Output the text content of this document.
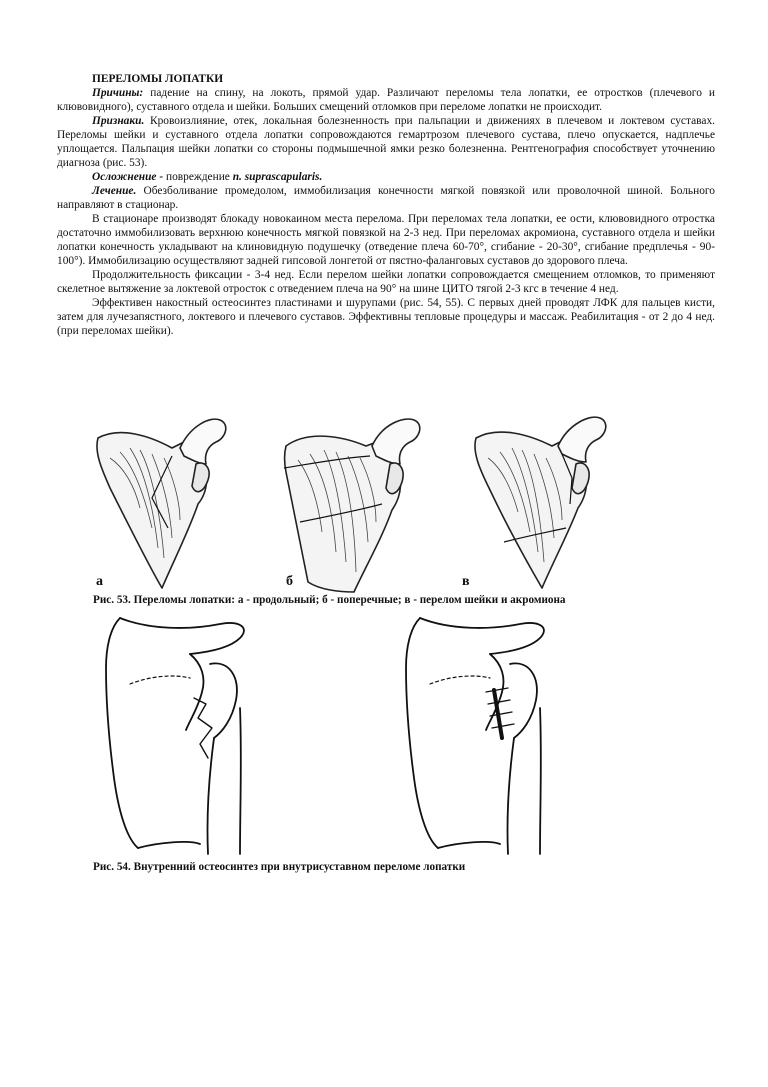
ПЕРЕЛОМЫ ЛОПАТКИ

Причины: падение на спину, на локоть, прямой удар. Различают переломы тела лопатки, ее отростков (плечевого и клювовидного), суставного отдела и шейки. Больших смещений отломков при переломе лопатки не происходит.

Признаки. Кровоизлияние, отек, локальная болезненность при пальпации и движениях в плечевом и локтевом суставах. Переломы шейки и суставного отдела лопатки сопровождаются гемартрозом плечевого сустава, плечо опускается, надплечье уплощается. Пальпация шейки лопатки со стороны подмышечной ямки резко болезненна. Рентгенография способствует уточнению диагноза (рис. 53).

Осложнение - повреждение n. suprascapularis.

Лечение. Обезболивание промедолом, иммобилизация конечности мягкой повязкой или проволочной шиной. Больного направляют в стационар.

В стационаре производят блокаду новокаином места перелома. При переломах тела лопатки, ее ости, клювовидного отростка достаточно иммобилизовать верхнюю конечность мягкой повязкой на 2-3 нед. При переломах акромиона, суставного отдела и шейки лопатки конечность укладывают на клиновидную подушечку (отведение плеча 60-70°, сгибание - 20-30°, сгибание предплечья - 90-100°). Иммобилизацию осуществляют задней гипсовой лонгетой от пястно-фаланговых суставов до здорового плеча.

Продолжительность фиксации - 3-4 нед. Если перелом шейки лопатки сопровождается смещением отломков, то применяют скелетное вытяжение за локтевой отросток с отведением плеча на 90° на шине ЦИТО тягой 2-3 кгс в течение 4 нед.

Эффективен накостный остеосинтез пластинами и шурупами (рис. 54, 55). С первых дней проводят ЛФК для пальцев кисти, затем для лучезапястного, локтевого и плечевого суставов. Эффективны тепловые процедуры и массаж. Реабилитация - от 2 до 4 нед. (при переломах шейки).

а	б	в
Рис. 53. Переломы лопатки: а - продольный; б - поперечные; в - перелом шейки и акромиона
Рис. 54. Внутренний остеосинтез при внутрисуставном переломе лопатки
